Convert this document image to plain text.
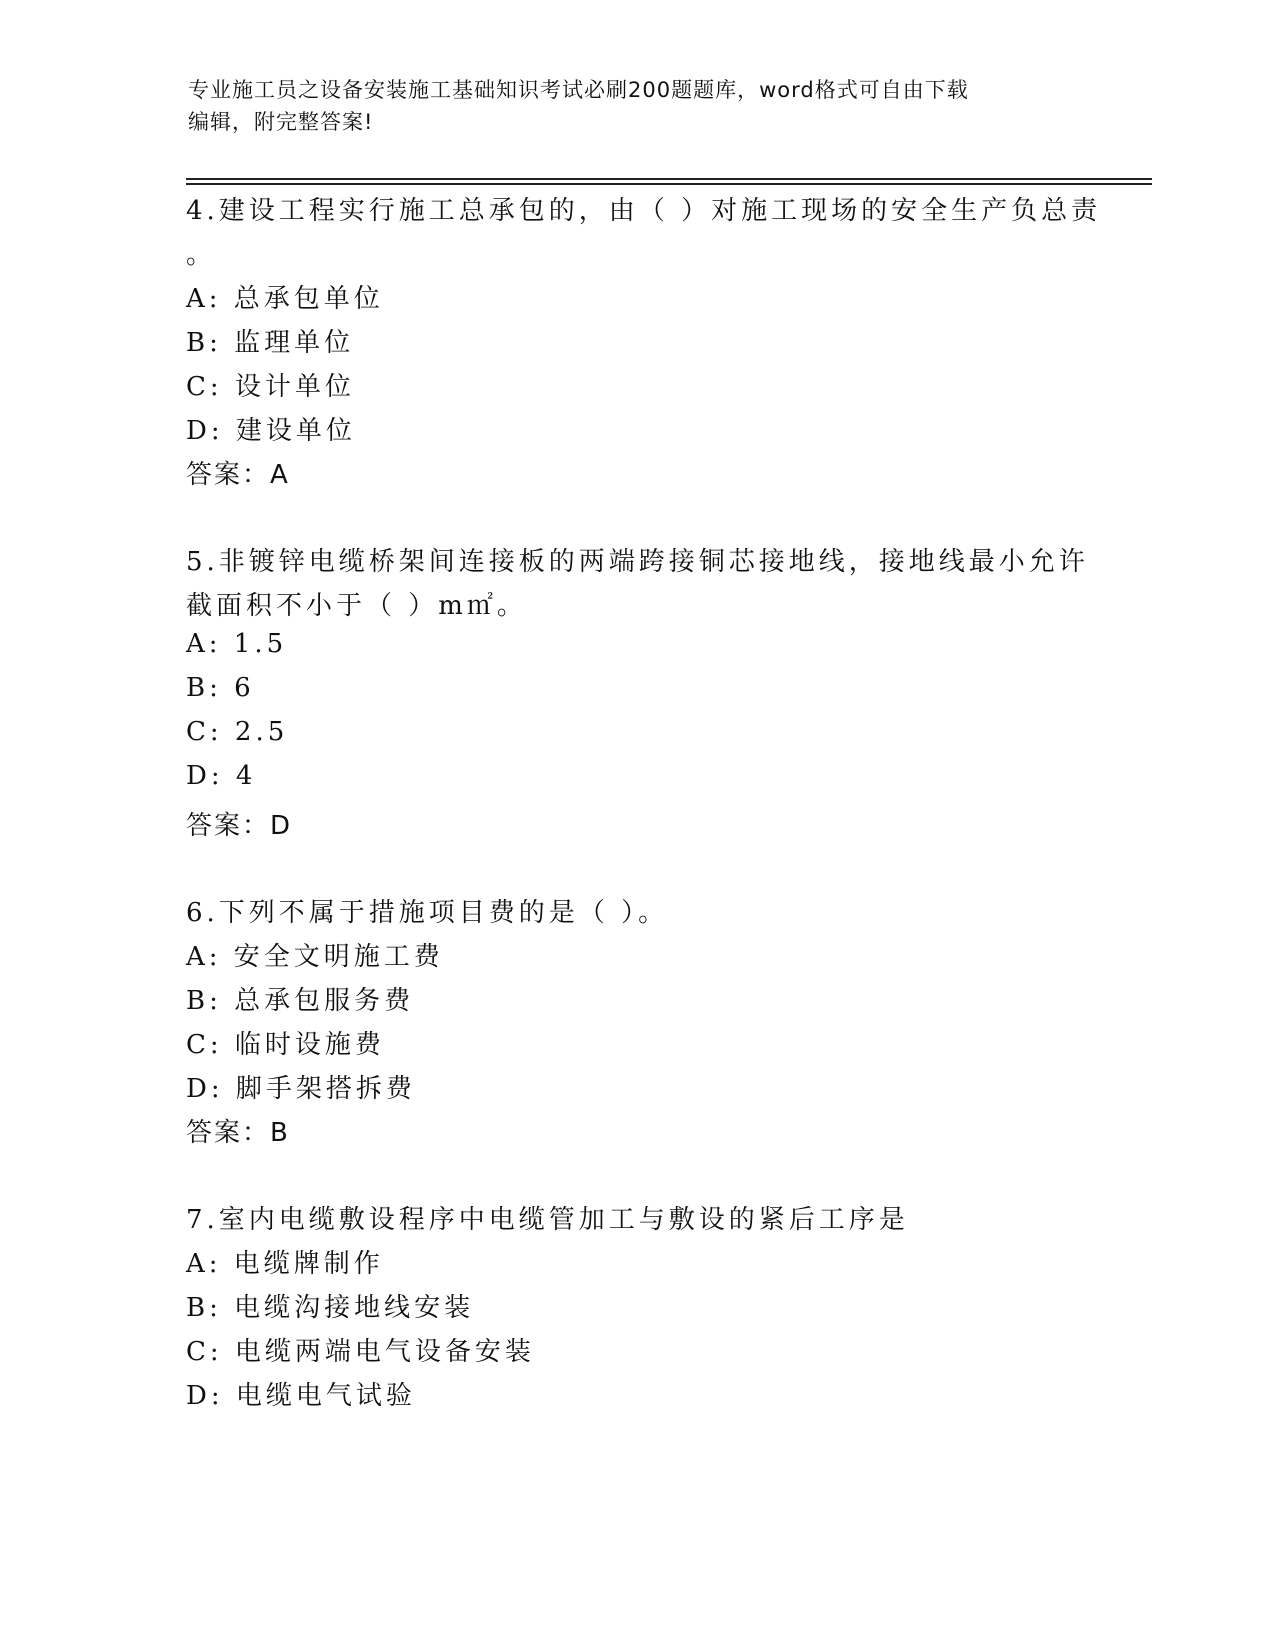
专业施工员之设备安装施工基础知识考试必刷200题题库，word格式可自由下载
编辑，附完整答案!
4.建设工程实行施工总承包的，由（ ）对施工现场的安全生产负总责
。
A: 总承包单位
B: 监理单位
C: 设计单位
D: 建设单位
答案：A
5.非镀锌电缆桥架间连接板的两端跨接铜芯接地线，接地线最小允许
截面积不小于（ ）m㎡。
A: 1.5
B: 6
C: 2.5
D: 4
答案：D
6.下列不属于措施项目费的是（ ）。
A: 安全文明施工费
B: 总承包服务费
C: 临时设施费
D: 脚手架搭拆费
答案：B
7.室内电缆敷设程序中电缆管加工与敷设的紧后工序是
A: 电缆牌制作
B: 电缆沟接地线安装
C: 电缆两端电气设备安装
D: 电缆电气试验
